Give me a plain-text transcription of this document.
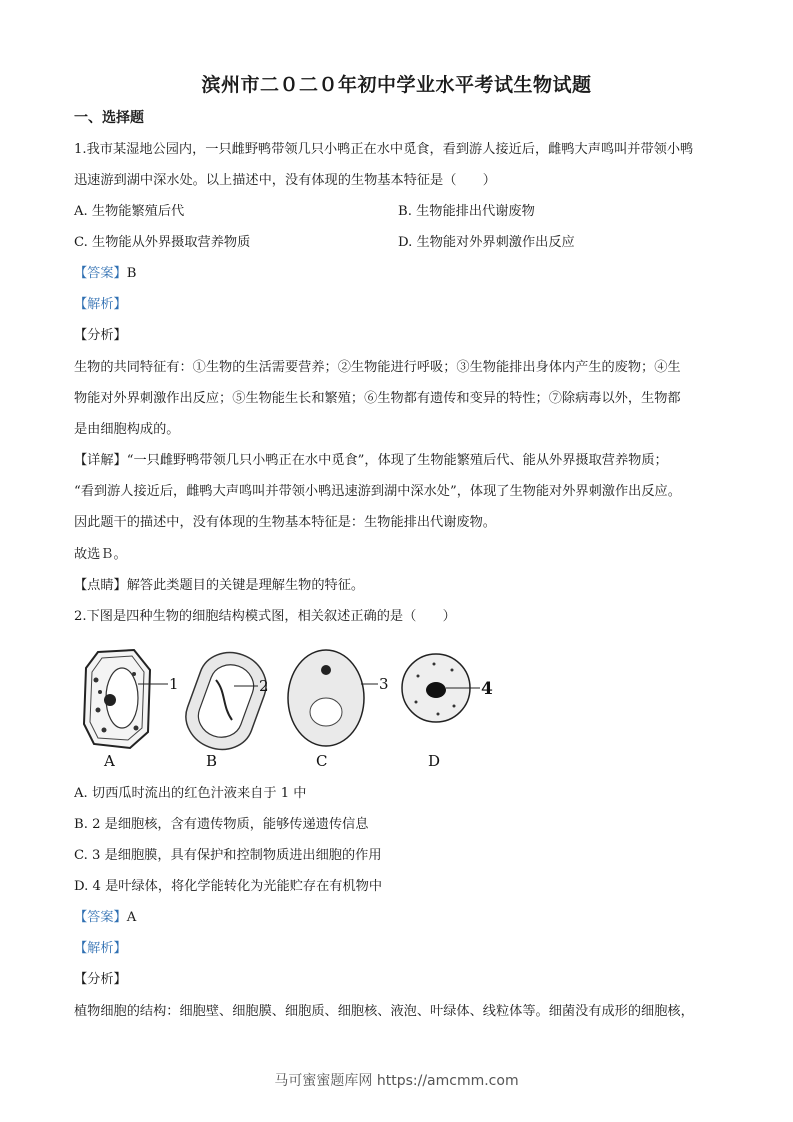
滨州市二０二０年初中学业水平考试生物试题
一、选择题
1.我市某湿地公园内，一只雌野鸭带领几只小鸭正在水中觅食，看到游人接近后，雌鸭大声鸣叫并带领小鸭
迅速游到湖中深水处。以上描述中，没有体现的生物基本特征是（　　）
A. 生物能繁殖后代	B. 生物能排出代谢废物
C. 生物能从外界摄取营养物质	D. 生物能对外界刺激作出反应
【答案】B
【解析】
【分析】
生物的共同特征有：①生物的生活需要营养；②生物能进行呼吸；③生物能排出身体内产生的废物；④生
物能对外界刺激作出反应；⑤生物能生长和繁殖；⑥生物都有遗传和变异的特性；⑦除病毒以外，生物都
是由细胞构成的。
【详解】“一只雌野鸭带领几只小鸭正在水中觅食”，体现了生物能繁殖后代、能从外界摄取营养物质；
“看到游人接近后，雌鸭大声鸣叫并带领小鸭迅速游到湖中深水处”，体现了生物能对外界刺激作出反应。
因此题干的描述中，没有体现的生物基本特征是：生物能排出代谢废物。
故选Ｂ。
【点睛】解答此类题目的关键是理解生物的特征。
2.下图是四种生物的细胞结构模式图，相关叙述正确的是（　　）
1
A
2
B
3
C
4
D
A. 切西瓜时流出的红色汁液来自于 1 中
B. 2 是细胞核，含有遗传物质，能够传递遗传信息
C. 3 是细胞膜，具有保护和控制物质进出细胞的作用
D. 4 是叶绿体，将化学能转化为光能贮存在有机物中
【答案】A
【解析】
【分析】
植物细胞的结构：细胞壁、细胞膜、细胞质、细胞核、液泡、叶绿体、线粒体等。细菌没有成形的细胞核，
马可蜜蜜题库网 https://amcmm.com
